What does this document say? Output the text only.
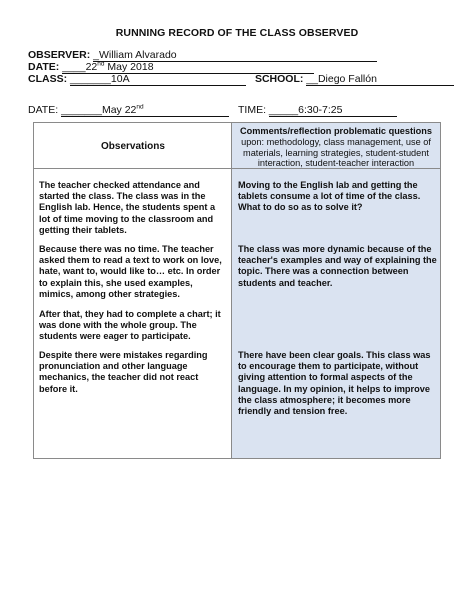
RUNNING RECORD OF THE CLASS OBSERVED
OBSERVER: _William Alvarado
DATE: ____22nd May 2018
CLASS: _______10A	SCHOOL: __Diego Fallón
DATE: _______May 22nd	TIME: _____6:30-7:25
Observations
Comments/reflection problematic questions upon: methodology, class management, use of materials, learning strategies, student-student interaction, student-teacher interaction
The teacher checked attendance and started the class. The class was in the English lab. Hence, the students spent a lot of time moving to the classroom and getting their tablets.
Because there was no time. The teacher asked them to read a text to work on love, hate, want to, would like to… etc. In order to explain this, she used examples, mimics, among other strategies.
After that, they had to complete a chart; it was done with the whole group. The students were eager to participate.
Despite there were mistakes regarding pronunciation and other language mechanics, the teacher did not react before it.
Moving to the English lab and getting the tablets consume a lot of time of the class. What to do so as to solve it?
The class was more dynamic because of the teacher's examples and way of explaining the topic. There was a connection between students and teacher.
There have been clear goals. This class was to encourage them to participate, without giving attention to formal aspects of the language. In my opinion, it helps to improve the class atmosphere; it becomes more friendly and tension free.
